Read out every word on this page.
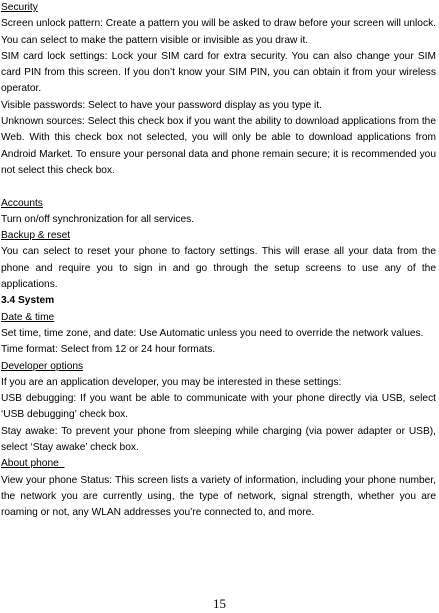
Security

Screen unlock pattern: Create a pattern you will be asked to draw before your screen will unlock. You can select to make the pattern visible or invisible as you draw it.

SIM card lock settings: Lock your SIM card for extra security. You can also change your SIM card PIN from this screen. If you don’t know your SIM PIN, you can obtain it from your wireless operator.

Visible passwords: Select to have your password display as you type it.

Unknown sources: Select this check box if you want the ability to download applications from the Web. With this check box not selected, you will only be able to download applications from Android Market. To ensure your personal data and phone remain secure; it is recommended you not select this check box.

Accounts

Turn on/off synchronization for all services.

Backup & reset

You can select to reset your phone to factory settings. This will erase all your data from the phone and require you to sign in and go through the setup screens to use any of the applications.

3.4 System

Date & time

Set time, time zone, and date: Use Automatic unless you need to override the network values.

Time format: Select from 12 or 24 hour formats.

Developer options

If you are an application developer, you may be interested in these settings:

USB debugging: If you want be able to communicate with your phone directly via USB, select ‘USB debugging’ check box.

Stay awake: To prevent your phone from sleeping while charging (via power adapter or USB), select ‘Stay awake’ check box.

About phone

View your phone Status: This screen lists a variety of information, including your phone number, the network you are currently using, the type of network, signal strength, whether you are roaming or not, any WLAN addresses you’re connected to, and more.

15
